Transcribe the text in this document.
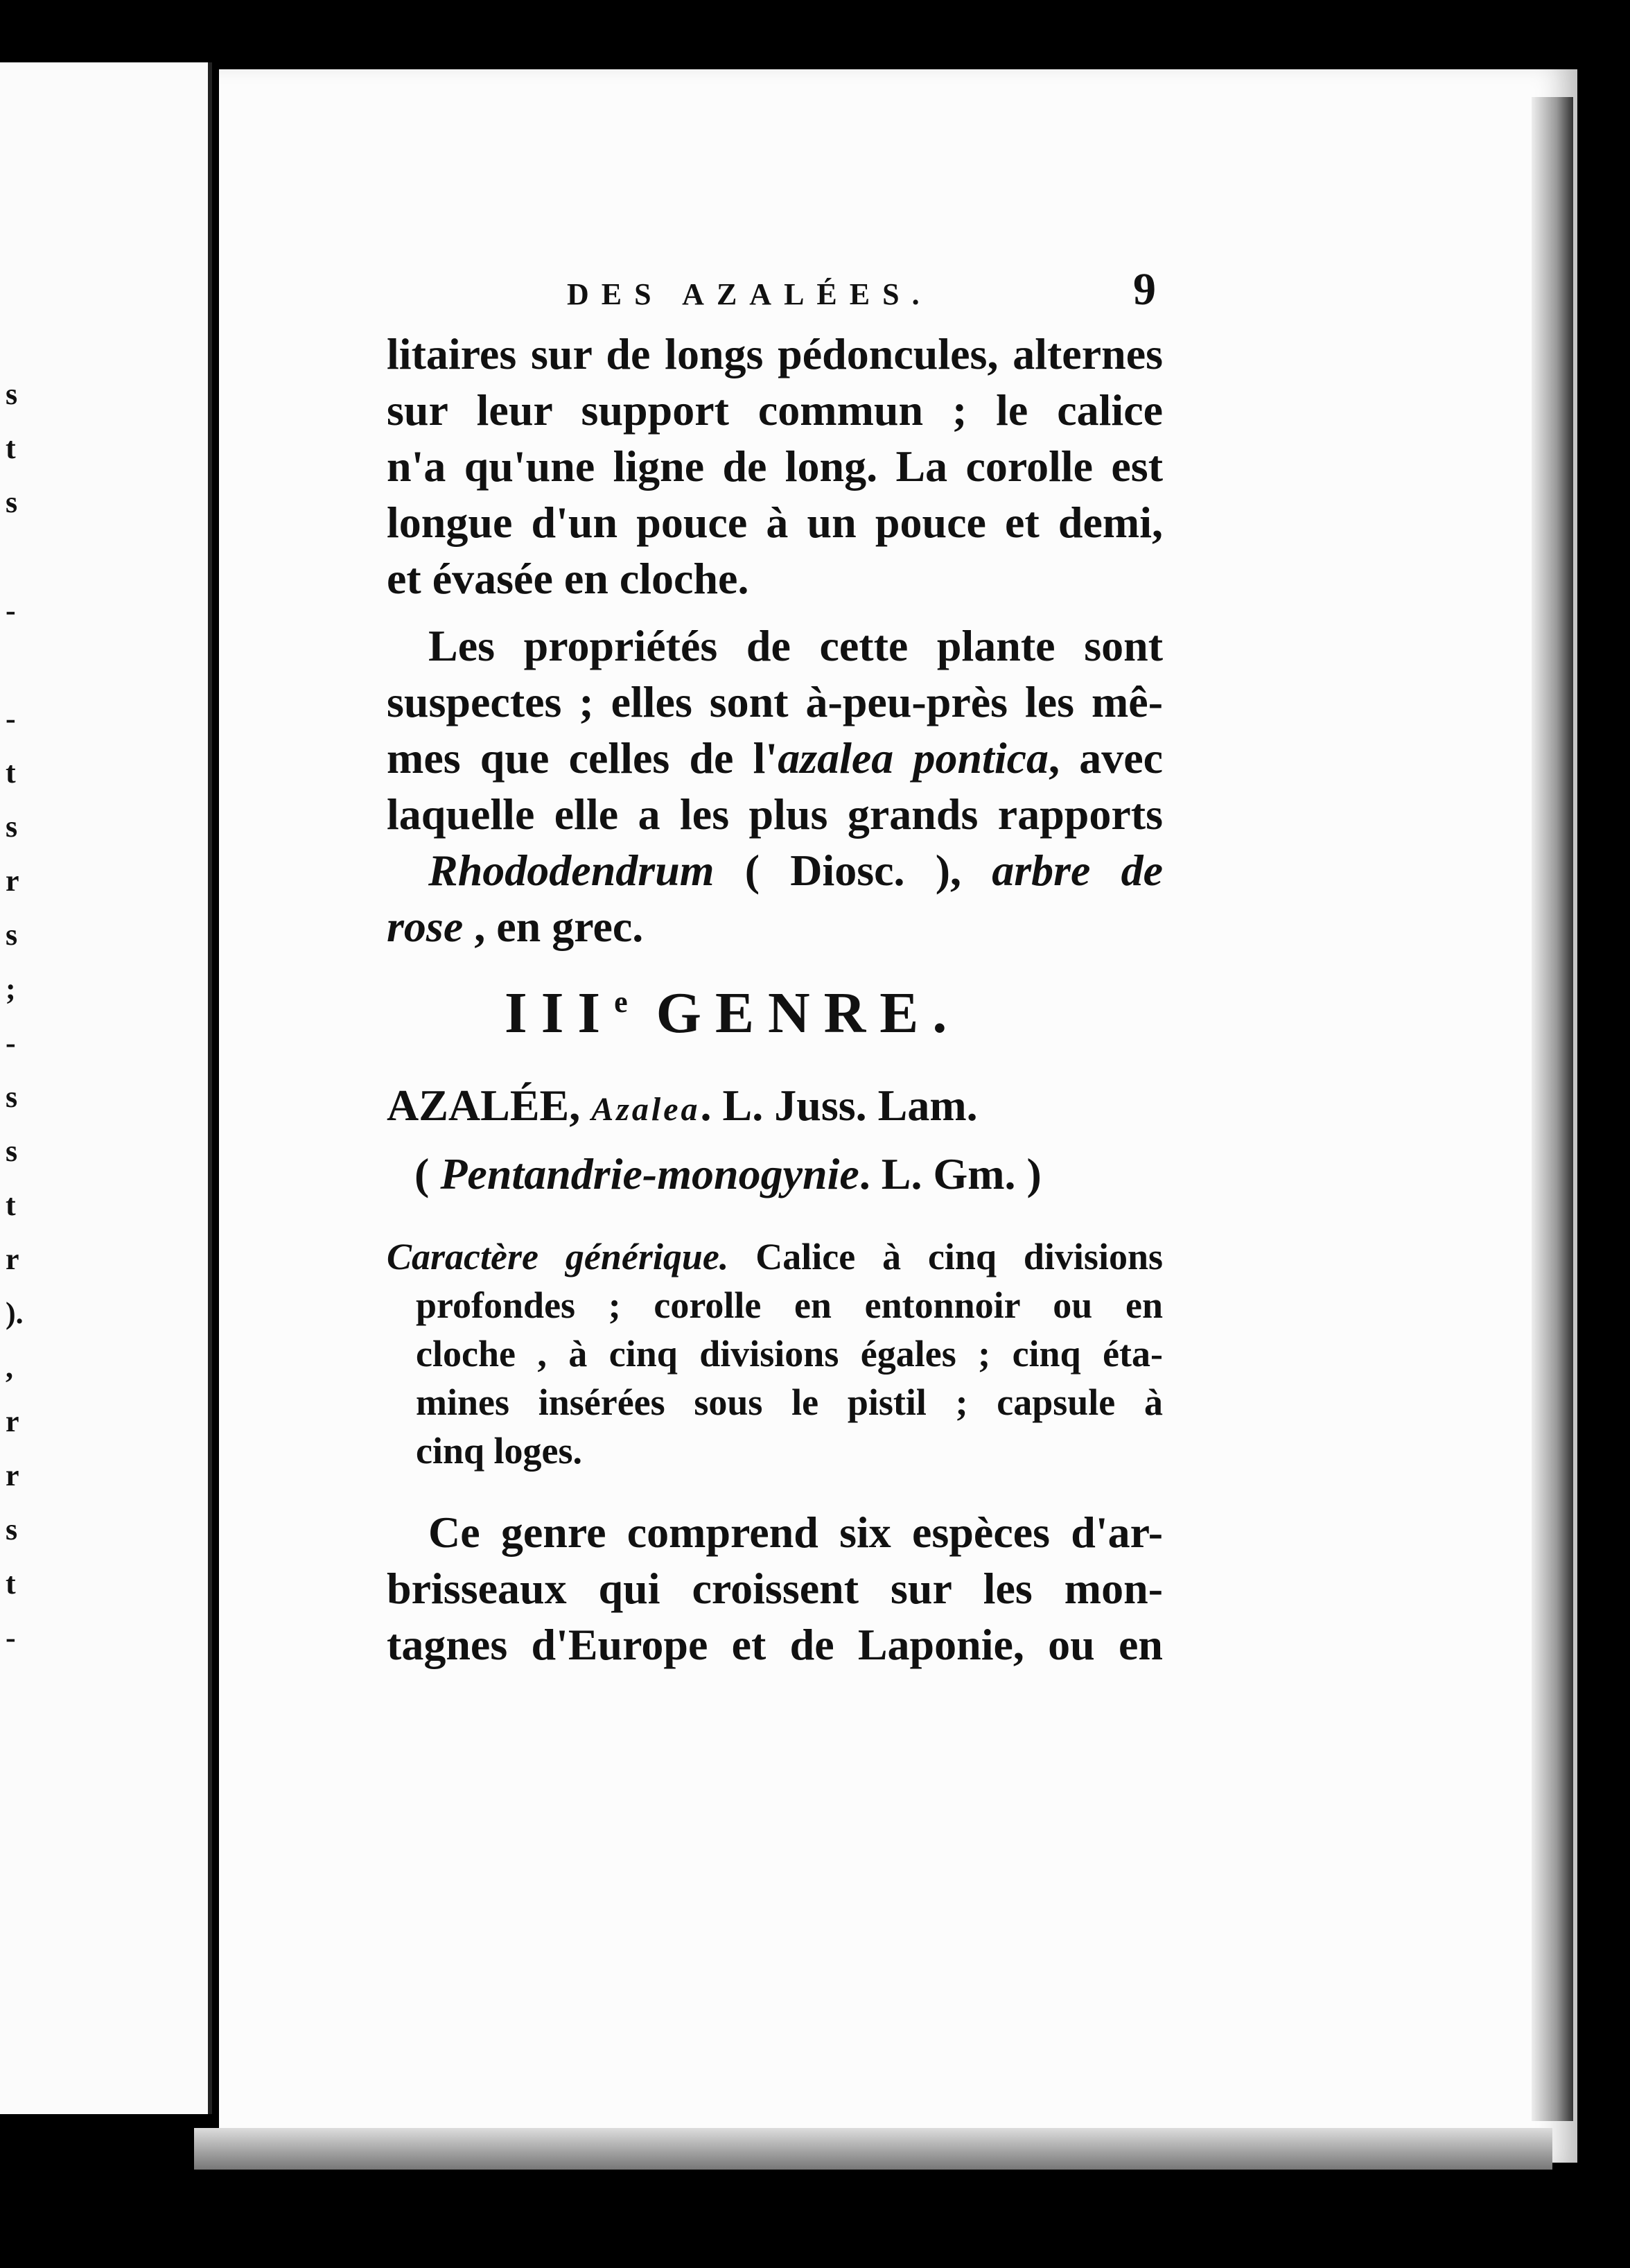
s
t
s
-
-
t
s
r
s
;
-
s
s
t
r
).
,
r
r
s
t
-
DES AZALÉES.	9

litaires sur de longs pédoncules, alternes
sur leur support commun ; le calice
n'a qu'une ligne de long. La corolle est
longue d'un pouce à un pouce et demi,
et évasée en cloche.

Les propriétés de cette plante sont
suspectes ; elles sont à-peu-près les mê-
mes que celles de l'azalea pontica, avec
laquelle elle a les plus grands rapports
Rhododendrum ( Diosc. ), arbre de
rose , en grec.

IIIe GENRE.
AZALÉE, Azalea. L. Juss. Lam.
( Pentandrie-monogynie. L. Gm. )
Caractère générique. Calice à cinq divisions
profondes ; corolle en entonnoir ou en
cloche , à cinq divisions égales ; cinq éta-
mines insérées sous le pistil ; capsule à
cinq loges.

Ce genre comprend six espèces d'ar-
brisseaux qui croissent sur les mon-
tagnes d'Europe et de Laponie, ou en
